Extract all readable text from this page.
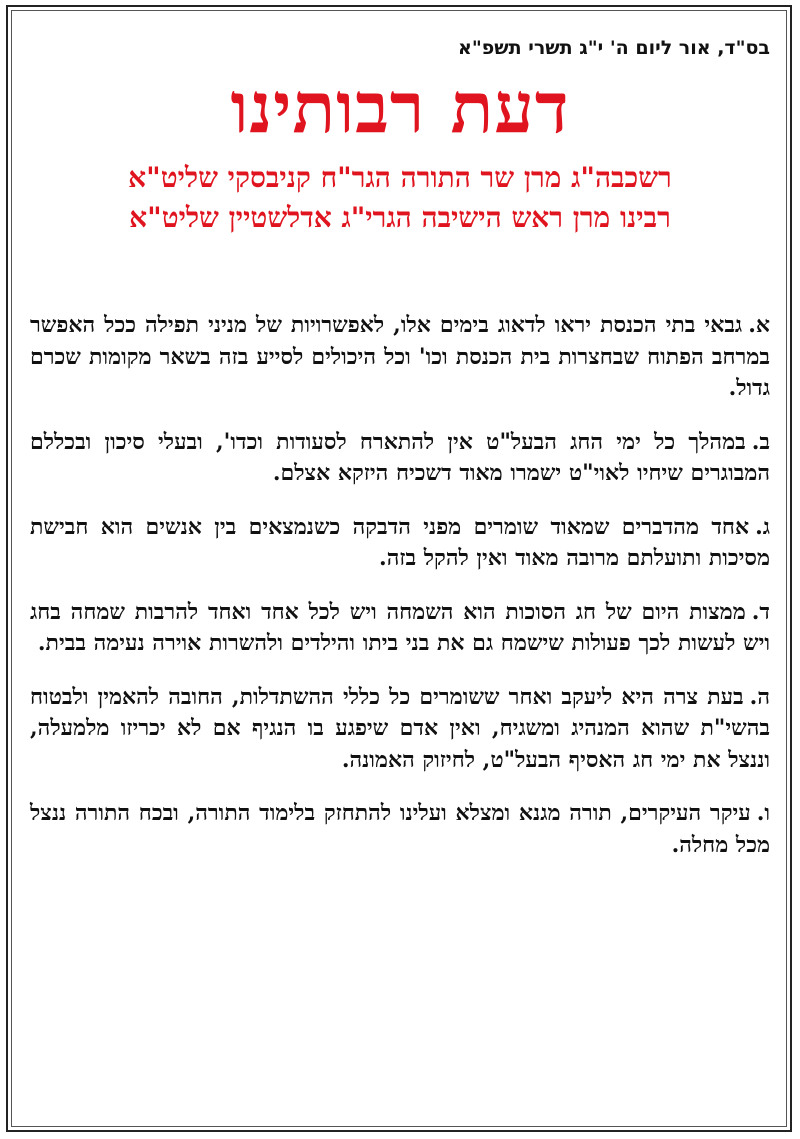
בס"ד, אור ליום ה' י"ג תשרי תשפ"א

דעת רבותינו

רשכבה"ג מרן שר התורה הגר"ח קניבסקי שליט"א

רבינו מרן ראש הישיבה הגרי"ג אדלשטיין שליט"א

א.גבאי בתי הכנסת יראו לדאוג בימים אלו, לאפשרויות של מניני תפילה ככל האפשר במרחב הפתוח שבחצרות בית הכנסת וכו' וכל היכולים לסייע בזה בשאר מקומות שכרם גדול.

ב.במהלך כל ימי החג הבעל"ט אין להתארח לסעודות וכדו', ובעלי סיכון ובכללם המבוגרים שיחיו לאוי"ט ישמרו מאוד דשכיח היזקא אצלם.

ג.אחד מהדברים שמאוד שומרים מפני הדבקה כשנמצאים בין אנשים הוא חבישת מסיכות ותועלתם מרובה מאוד ואין להקל בזה.

ד.ממצות היום של חג הסוכות הוא השמחה ויש לכל אחד ואחד להרבות שמחה בחג ויש לעשות לכך פעולות שישמח גם את בני ביתו והילדים ולהשרות אוירה נעימה בבית.

ה.בעת צרה היא ליעקב ואחר ששומרים כל כללי ההשתדלות, החובה להאמין ולבטוח בהשי"ת שהוא המנהיג ומשגיח, ואין אדם שיפגע בו הנגיף אם לא יכריזו מלמעלה, וננצל את ימי חג האסיף הבעל"ט, לחיזוק האמונה.

ו.עיקר העיקרים, תורה מגנא ומצלא ועלינו להתחזק בלימוד התורה, ובכח התורה ננצל מכל מחלה.
